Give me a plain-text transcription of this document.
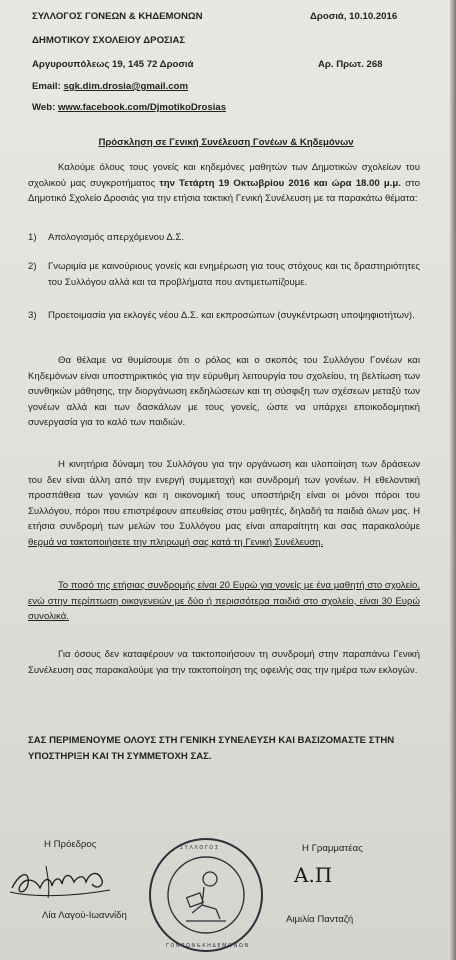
ΣΥΛΛΟΓΟΣ ΓΟΝΕΩΝ & ΚΗΔΕΜΟΝΩΝ
ΔΗΜΟΤΙΚΟΥ ΣΧΟΛΕΙΟΥ ΔΡΟΣΙΑΣ
Αργυρουπόλεως 19, 145 72 Δροσιά
Email: sgk.dim.drosia@gmail.com
Web: www.facebook.com/DjmotikoDrosias
Δροσιά, 10.10.2016
Αρ. Πρωτ. 268
Πρόσκληση σε Γενική Συνέλευση Γονέων & Κηδεμόνων
Καλούμε όλους τους γονείς και κηδεμόνες μαθητών των Δημοτικών σχολείων του σχολικού μας συγκροτήματος την Τετάρτη 19 Οκτωβρίου 2016 και ώρα 18.00 μ.μ. στο Δημοτικό Σχολείο Δροσιάς για την ετήσια τακτική Γενική Συνέλευση με τα παρακάτω θέματα:
1) Απολογισμός απερχόμενου Δ.Σ.
2) Γνωριμία με καινούριους γονείς και ενημέρωση για τους στόχους και τις δραστηριότητες του Συλλόγου αλλά και τα προβλήματα που αντιμετωπίζουμε.
3) Προετοιμασία για εκλογές νέου Δ.Σ. και εκπροσώπων (συγκέντρωση υποψηφιοτήτων).
Θα θέλαμε να θυμίσουμε ότι ο ρόλος και ο σκοπός του Συλλόγου Γονέων και Κηδεμόνων είναι υποστηρικτικός για την εύρυθμη λειτουργία του σχολείου, τη βελτίωση των συνθηκών μάθησης, την διοργάνωση εκδηλώσεων και τη σύσφιξη των σχέσεων μεταξύ των γονέων αλλά και των δασκάλων με τους γονείς, ώστε να υπάρχει εποικοδομητική συνεργασία για το καλό των παιδιών.
Η κινητήρια δύναμη του Συλλόγου για την οργάνωση και υλοποίηση των δράσεων του δεν είναι άλλη από την ενεργή συμμετοχή και συνδρομή των γονέων. Η εθελοντική προσπάθεια των γονιών και η οικονομική τους υποστήριξη είναι οι μόνοι πόροι του Συλλόγου, πόροι που επιστρέφουν απευθείας στου μαθητές, δηλαδή τα παιδιά όλων μας. Η ετήσια συνδρομή των μελών του Συλλόγου μας είναι απαραίτητη και σας παρακαλούμε θερμά να τακτοποιήσετε την πληρωμή σας κατά τη Γενική Συνέλευση.
Το ποσό της ετήσιας συνδρομής είναι 20 Ευρώ για γονείς με ένα μαθητή στο σχολείο, ενώ στην περίπτωση οικογενειών με δύο ή περισσότερα παιδιά στο σχολείο, είναι 30 Ευρώ συνολικά.
Για όσους δεν καταφέρουν να τακτοποιήσουν τη συνδρομή στην παραπάνω Γενική Συνέλευση σας παρακαλούμε για την τακτοποίηση της οφειλής σας την ημέρα των εκλογών.
ΣΑΣ ΠΕΡΙΜΕΝΟΥΜΕ ΟΛΟΥΣ ΣΤΗ ΓΕΝΙΚΗ ΣΥΝΕΛΕΥΣΗ ΚΑΙ ΒΑΣΙΖΟΜΑΣΤΕ ΣΤΗΝ ΥΠΟΣΤΗΡΙΞΗ ΚΑΙ ΤΗ ΣΥΜΜΕΤΟΧΗ ΣΑΣ.
Η Πρόεδρος
Λία Λαγού-Ιωαννίδη
Σ Υ Λ Λ Ο Γ Ο Σ
Γ Ο Ν Ε Ω Ν & Κ Η Δ Ε Μ Ο Ν Ω Ν
Η Γραμματέας
Α.Π
Αιμιλία Πανταζή
